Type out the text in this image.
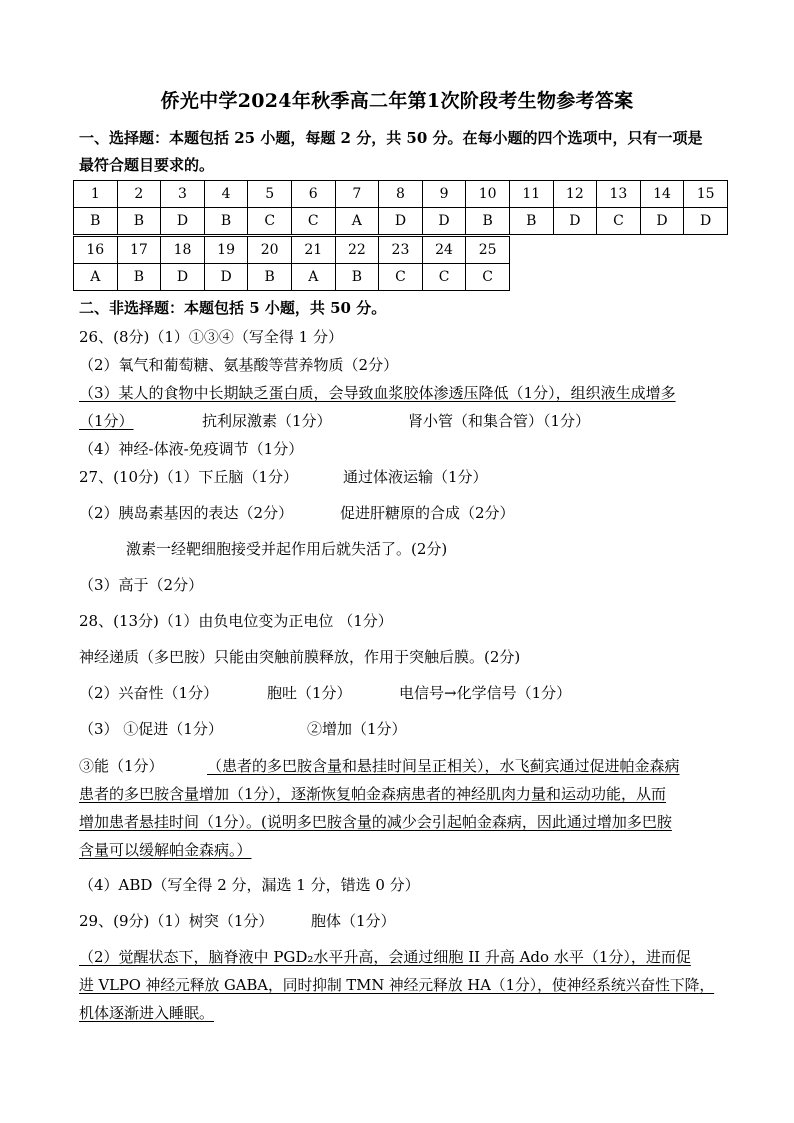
侨光中学2024年秋季高二年第1次阶段考生物参考答案
一、选择题：本题包括 25 小题，每题 2 分，共 50 分。在每小题的四个选项中，只有一项是
最符合题目要求的。
1	2	3	4	5	6	7	8	9	10	11	12	13	14	15
B	B	D	B	C	C	A	D	D	B	B	D	C	D	D
16	17	18	19	20	21	22	23	24	25
A	B	D	D	B	A	B	C	C	C
二、非选择题：本题包括 5 小题，共 50 分。
26、(8分)（1）①③④（写全得 1 分）
（2）氧气和葡萄糖、氨基酸等营养物质（2分）
（3）某人的食物中长期缺乏蛋白质，会导致血浆胶体渗透压降低（1分），组织液生成增多
（1分）	抗利尿激素（1分）	肾小管（和集合管）（1分）
（4）神经-体液-免疫调节（1分）
27、(10分)（1）下丘脑（1分）	通过体液运输（1分）
（2）胰岛素基因的表达（2分）	促进肝糖原的合成（2分）
激素一经靶细胞接受并起作用后就失活了。(2分)
（3）高于（2分）
28、(13分)（1）由负电位变为正电位 （1分）
神经递质（多巴胺）只能由突触前膜释放，作用于突触后膜。(2分)
（2）兴奋性（1分）	胞吐（1分）	电信号→化学信号（1分）
（3） ①促进（1分）	②增加（1分）
③能（1分）	（患者的多巴胺含量和悬挂时间呈正相关），水飞蓟宾通过促进帕金森病
患者的多巴胺含量增加（1分），逐渐恢复帕金森病患者的神经肌肉力量和运动功能，从而
增加患者悬挂时间（1分）。(说明多巴胺含量的减少会引起帕金森病，因此通过增加多巴胺
含量可以缓解帕金森病。）
（4）ABD（写全得 2 分，漏选 1 分，错选 0 分）
29、(9分)（1）树突（1分）	胞体（1分）
（2）觉醒状态下，脑脊液中 PGD₂水平升高，会通过细胞 II 升高 Ado 水平（1分），进而促
进 VLPO 神经元释放 GABA，同时抑制 TMN 神经元释放 HA（1分），使神经系统兴奋性下降，
机体逐渐进入睡眠。
